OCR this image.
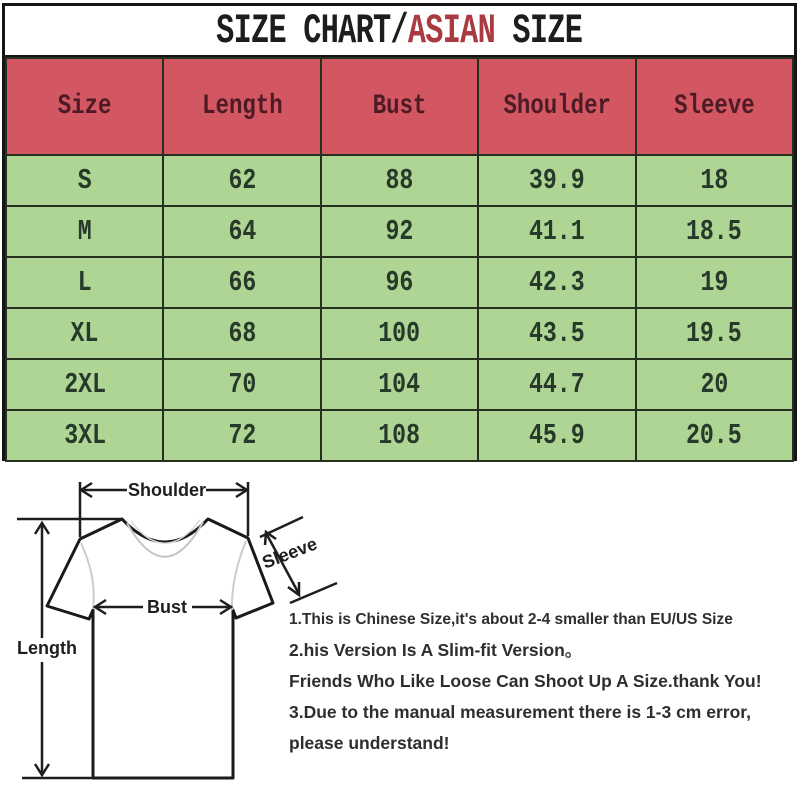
SIZE CHART/ASIAN SIZE
Size	Length	Bust	Shoulder	Sleeve
S	62	88	39.9	18
M	64	92	41.1	18.5
L	66	96	42.3	19
XL	68	100	43.5	19.5
2XL	70	104	44.7	20
3XL	72	108	45.9	20.5
Shoulder
Length
Bust
Sleeve
1.This is Chinese Size,it's about 2-4 smaller than EU/US Size
2.his Version Is A Slim-fit Version。
Friends Who Like Loose Can Shoot Up A Size.thank You!
3.Due to the manual measurement there is 1-3 cm error,
please understand!
